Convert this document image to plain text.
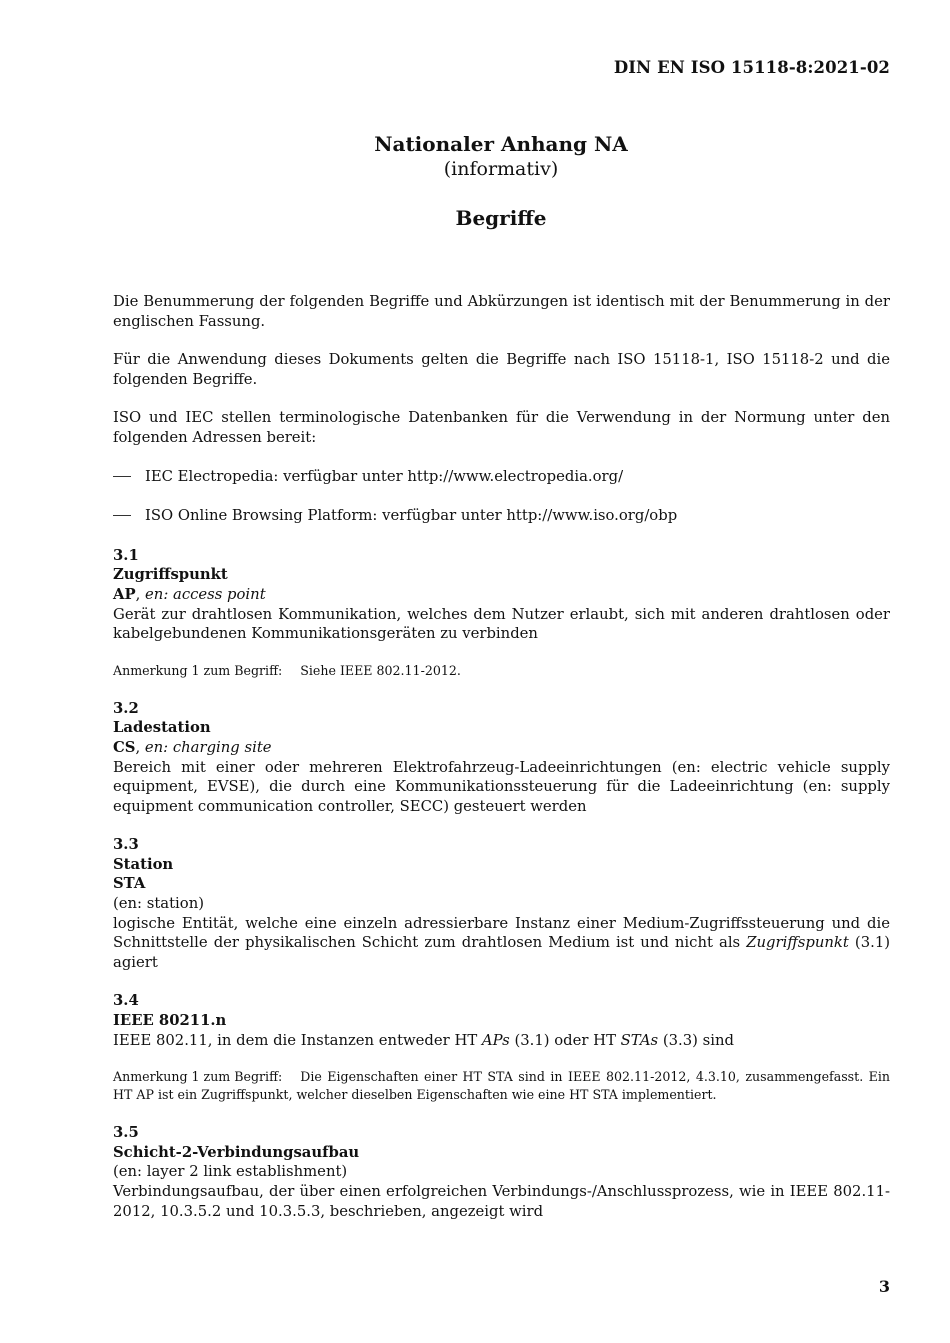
DIN EN ISO 15118-8:2021-02
Nationaler Anhang NA
(informativ)
Begriffe

Die Benummerung der folgenden Begriffe und Abkürzungen ist identisch mit der Benummerung in der englischen Fassung.

Für die Anwendung dieses Dokuments gelten die Begriffe nach ISO 15118-1, ISO 15118-2 und die folgenden Begriffe.

ISO und IEC stellen terminologische Datenbanken für die Verwendung in der Normung unter den folgenden Adressen bereit:

IEC Electropedia: verfügbar unter http://www.electropedia.org/
ISO Online Browsing Platform: verfügbar unter http://www.iso.org/obp
3.1
Zugriffspunkt
AP, en: access point
Gerät zur drahtlosen Kommunikation, welches dem Nutzer erlaubt, sich mit anderen drahtlosen oder kabelgebundenen Kommunikationsgeräten zu verbinden
Anmerkung 1 zum Begriff: Siehe IEEE 802.11-2012.
3.2
Ladestation
CS, en: charging site
Bereich mit einer oder mehreren Elektrofahrzeug-Ladeeinrichtungen (en: electric vehicle supply equipment, EVSE), die durch eine Kommunikationssteuerung für die Ladeeinrichtung (en: supply equipment communication controller, SECC) gesteuert werden
3.3
Station
STA
(en: station)
logische Entität, welche eine einzeln adressierbare Instanz einer Medium-Zugriffssteuerung und die Schnittstelle der physikalischen Schicht zum drahtlosen Medium ist und nicht als Zugriffspunkt (3.1) agiert
3.4
IEEE 80211.n
IEEE 802.11, in dem die Instanzen entweder HT APs (3.1) oder HT STAs (3.3) sind
Anmerkung 1 zum Begriff: Die Eigenschaften einer HT STA sind in IEEE 802.11-2012, 4.3.10, zusammengefasst. Ein HT AP ist ein Zugriffspunkt, welcher dieselben Eigenschaften wie eine HT STA implementiert.
3.5
Schicht-2-Verbindungsaufbau
(en: layer 2 link establishment)
Verbindungsaufbau, der über einen erfolgreichen Verbindungs-/Anschlussprozess, wie in IEEE 802.11-2012, 10.3.5.2 und 10.3.5.3, beschrieben, angezeigt wird
3
